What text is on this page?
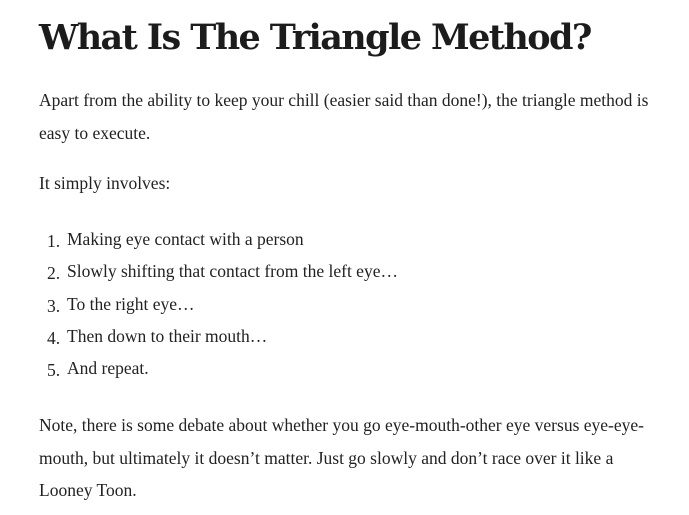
What Is The Triangle Method?

Apart from the ability to keep your chill (easier said than done!), the triangle method is easy to execute.

It simply involves:

1. Making eye contact with a person
2. Slowly shifting that contact from the left eye…
3. To the right eye…
4. Then down to their mouth…
5. And repeat.

Note, there is some debate about whether you go eye-mouth-other eye versus eye-eye-mouth, but ultimately it doesn’t matter. Just go slowly and don’t race over it like a Looney Toon.
